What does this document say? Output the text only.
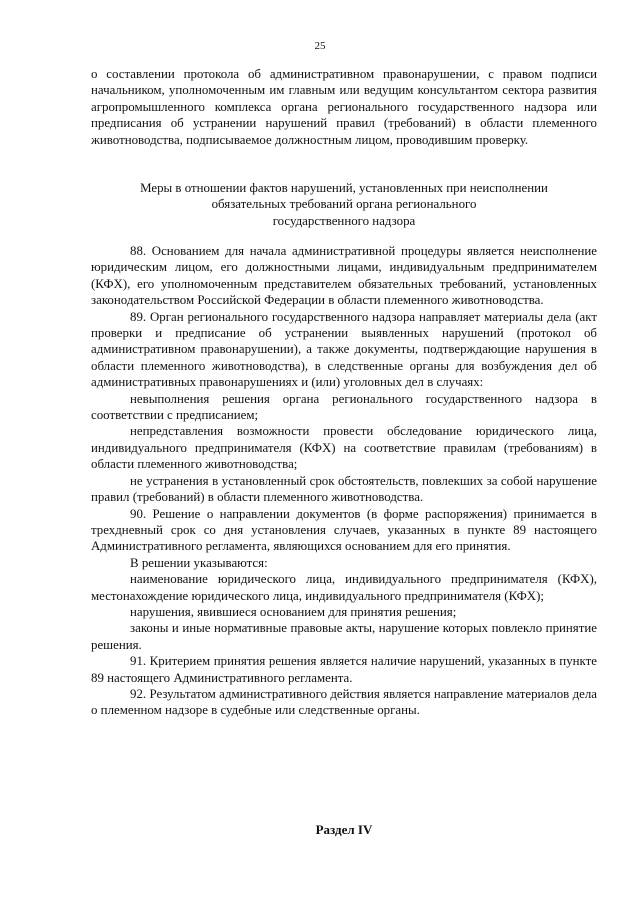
25

о составлении протокола об административном правонарушении, с правом подписи начальником, уполномоченным им главным или ведущим консультантом сектора развития агропромышленного комплекса органа регионального государственного надзора или предписания об устранении нарушений правил (требований) в области племенного животноводства, подписываемое должностным лицом, проводившим проверку.

Меры в отношении фактов нарушений, установленных при неисполнении

обязательных требований органа регионального

государственного надзора

88. Основанием для начала административной процедуры является неисполнение юридическим лицом, его должностными лицами, индивидуальным предпринимателем (КФХ), его уполномоченным представителем обязательных требований, установленных законодательством Российской Федерации в области племенного животноводства.

89. Орган регионального государственного надзора направляет материалы дела (акт проверки и предписание об устранении выявленных нарушений (протокол об административном правонарушении), а также документы, подтверждающие нарушения в области племенного животноводства), в следственные органы для возбуждения дел об административных правонарушениях и (или) уголовных дел в случаях:

невыполнения решения органа регионального государственного надзора в соответствии с предписанием;

непредставления возможности провести обследование юридического лица, индивидуального предпринимателя (КФХ) на соответствие правилам (требованиям) в области племенного животноводства;

не устранения в установленный срок обстоятельств, повлекших за собой нарушение правил (требований) в области племенного животноводства.

90. Решение о направлении документов (в форме распоряжения) принимается в трехдневный срок со дня установления случаев, указанных в пункте 89 настоящего Административного регламента, являющихся основанием для его принятия.

В решении указываются:

наименование юридического лица, индивидуального предпринимателя (КФХ), местонахождение юридического лица, индивидуального предпринимателя (КФХ);

нарушения, явившиеся основанием для принятия решения;

законы и иные нормативные правовые акты, нарушение которых повлекло принятие решения.

91. Критерием принятия решения является наличие нарушений, указанных в пункте 89 настоящего Административного регламента.

92. Результатом административного действия является направление материалов дела о племенном надзоре в судебные или следственные органы.

Раздел IV
